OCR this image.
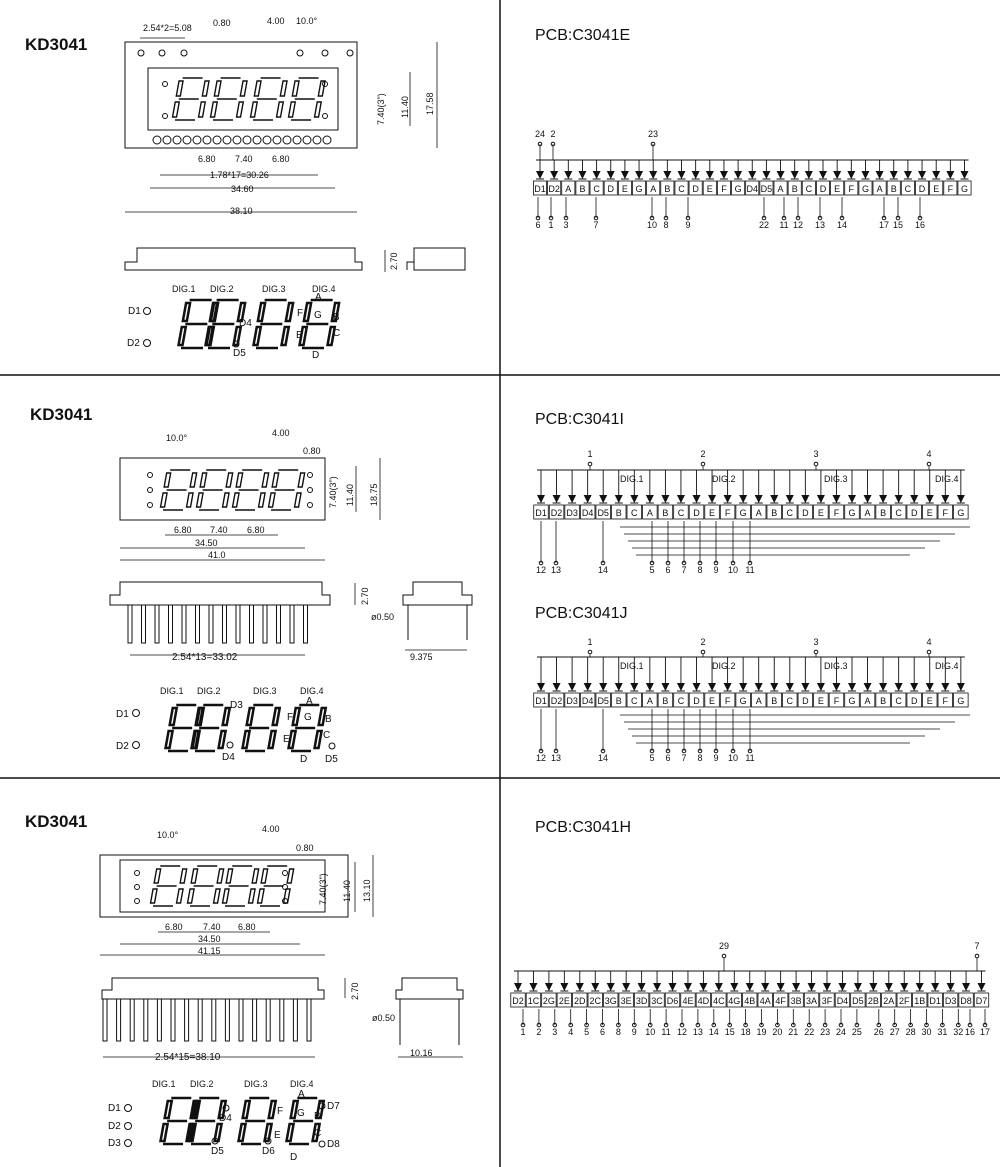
KD3041
2.54*2=5.08 0.80	4.00 10.0°
7.40(3") 11.40 17.58
6.80 7.40 6.80
1.78*17=30.26
34.60
38.10
2.70
DIG.1 DIG.2	DIG.3	DIG.4
D1
D2
D4
D5
A
B
C
D
E
F G
PCB:C3041E
D1 D2 A B C D E G A B C D E F G D4 D5 A B C D E F G A B C D E F G
24 2	23
6 1 3	7	10 8 9	22 11 12 13 14	17 15 16
KD3041
10.0°	4.00
0.80
7.40(3") 11.40 18.75
6.80 7.40 6.80
34.50
41.0
2.70
2.54*13=33.02
ø0.50
9.375
DIG.1 DIG.2	DIG.3	DIG.4
D1
D2
D3
D4	D5
A
B
C
D
E
F G
PCB:C3041I
PCB:C3041J
D1 D2 D3 D4 D5 B C A B C D E F G A B C D E F G A B C D E F G
1	2	3	4
DIG.1	DIG.2	DIG.3	DIG.4
12 13	14	5 6 7 8 9 10 11
D1 D2 D3 D4 D5 B C A B C D E F G A B C D E F G A B C D E F G
1	2	3	4
DIG.1	DIG.2	DIG.3	DIG.4
12 13	14	5 6 7 8 9 10 11
KD3041
10.0°
4.00
0.80
7.40(3") 11.40 13.10
6.80 7.40 6.80
34.50
41.15
2.70
2.54*15=38.10
ø0.50
10.16
DIG.1 DIG.2	DIG.3 DIG.4
D1
D2
D3
D4
D5	D6
D7
D8
A
B
C
D
E
F G
PCB:C3041H
D2 1C 2G 2E 2D 2C 3G 3E 3D 3C D6 4E 4D 4C 4G 4B 4A 4F 3B 3A 3F D4 D5 2B 2A 2F 1B D1 D3 D8 D7
29	7
1 2 3 4 5 6 8 9 10 11 12 13 14 15 18 19 20 21 22 23 24 25 26 27 28 30 31 32 16 17
